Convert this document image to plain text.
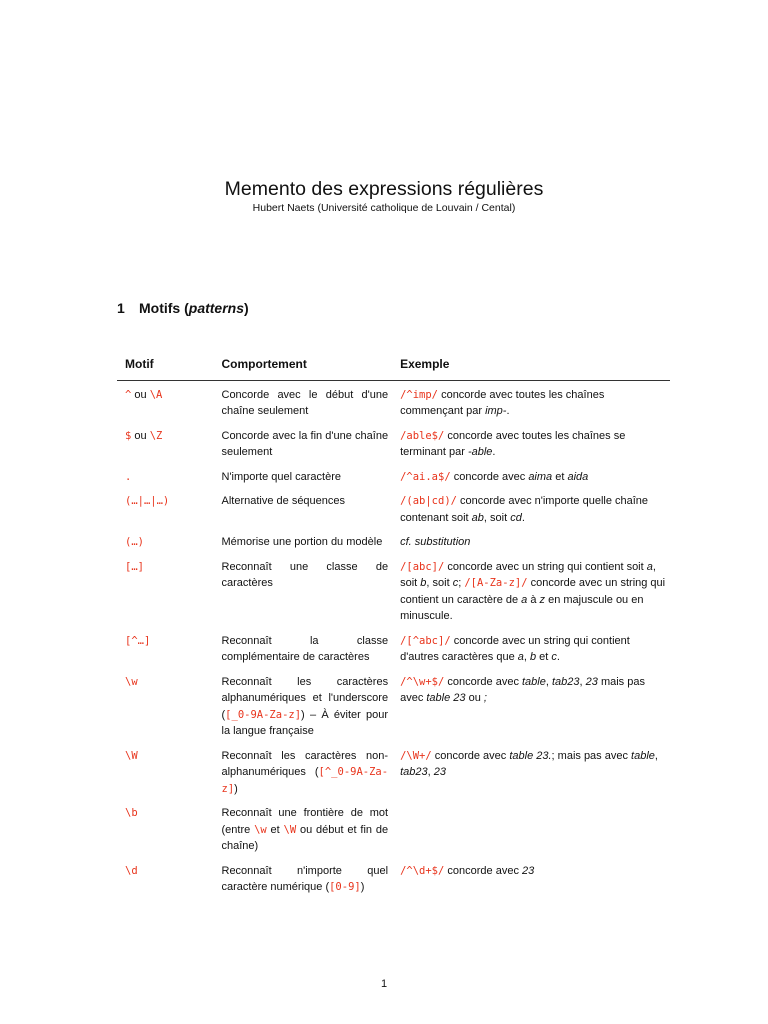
Memento des expressions régulières
Hubert Naets (Université catholique de Louvain / Cental)
1 Motifs (patterns)
Motif	Comportement	Exemple
^ ou \A	Concorde avec le début d'une chaîne seulement	/^imp/ concorde avec toutes les chaînes commençant par imp-.
$ ou \Z	Concorde avec la fin d'une chaîne seulement	/able$/ concorde avec toutes les chaînes se terminant par -able.
.	N'importe quel caractère	/^ai.a$/ concorde avec aima et aida
(…|…|…)	Alternative de séquences	/(ab|cd)/ concorde avec n'importe quelle chaîne contenant soit ab, soit cd.
(…)	Mémorise une portion du modèle	cf. substitution
[…]	Reconnaît une classe de caractères	/[abc]/ concorde avec un string qui contient soit a, soit b, soit c; /[A-Za-z]/ concorde avec un string qui contient un caractère de a à z en majuscule ou en minuscule.
[^…]	Reconnaît la classe complémentaire de caractères	/[^abc]/ concorde avec un string qui contient d'autres caractères que a, b et c.
\w	Reconnaît les caractères alphanumériques et l'underscore ([_0-9A-Za-z]) – À éviter pour la langue française	/^\w+$/ concorde avec table, tab23, 23 mais pas avec table 23 ou ;
\W	Reconnaît les caractères non-alphanumériques ([^_0-9A-Za-z])	/\W+/ concorde avec table 23.; mais pas avec table, tab23, 23
\b	Reconnaît une frontière de mot (entre \w et \W ou début et fin de chaîne)	
\d	Reconnaît n'importe quel caractère numérique ([0-9])	/^\d+$/ concorde avec 23
1
